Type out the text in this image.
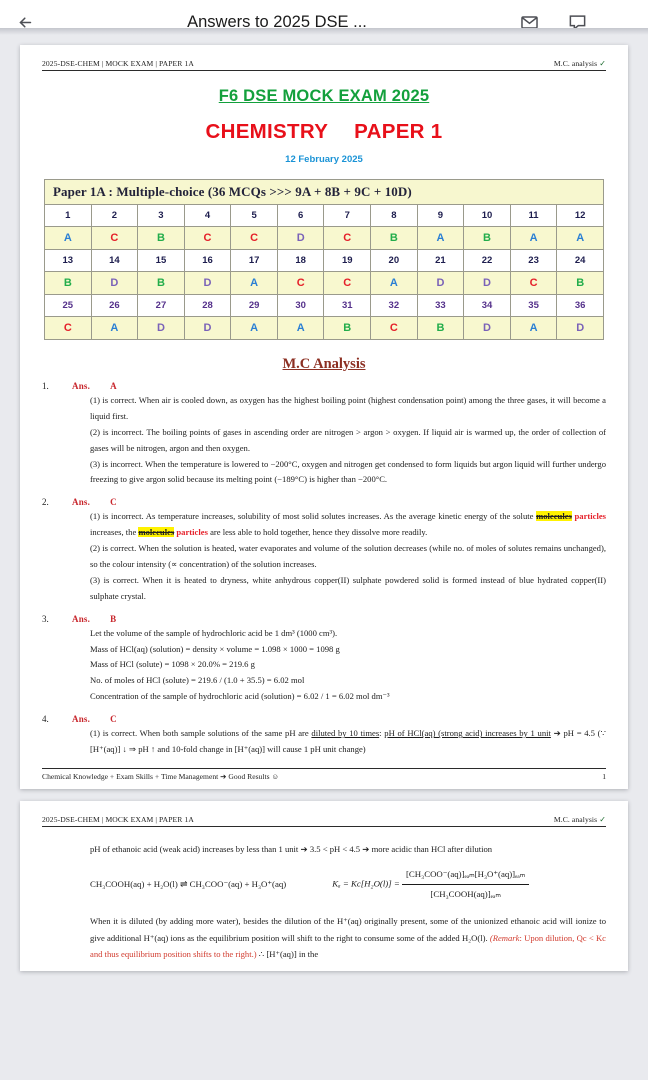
Answers to 2025 DSE ...
2025-DSE-CHEM | MOCK EXAM | PAPER 1A	M.C. analysis ✓
F6 DSE MOCK EXAM 2025
CHEMISTRY PAPER 1
12 February 2025
Paper 1A : Multiple-choice (36 MCQs >>> 9A + 8B + 9C + 10D)											
1	2	3	4	5	6	7	8	9	10	11	12
A	C	B	C	C	D	C	B	A	B	A	A
13	14	15	16	17	18	19	20	21	22	23	24
B	D	B	D	A	C	C	A	D	D	C	B
25	26	27	28	29	30	31	32	33	34	35	36
C	A	D	D	A	A	B	C	B	D	A	D
M.C Analysis
1.	Ans. A

(1) is correct. When air is cooled down, as oxygen has the highest boiling point (highest condensation point) among the three gases, it will become a liquid first.

(2) is incorrect. The boiling points of gases in ascending order are nitrogen > argon > oxygen. If liquid air is warmed up, the order of collection of gases will be nitrogen, argon and then oxygen.

(3) is incorrect. When the temperature is lowered to −200°C, oxygen and nitrogen get condensed to form liquids but argon liquid will further undergo freezing to give argon solid because its melting point (−189°C) is higher than −200°C.

2.	Ans. C

(1) is incorrect. As temperature increases, solubility of most solid solutes increases. As the average kinetic energy of the solute molecules particles increases, the molecules particles are less able to hold together, hence they dissolve more readily.

(2) is correct. When the solution is heated, water evaporates and volume of the solution decreases (while no. of moles of solutes remains unchanged), so the colour intensity (∝ concentration) of the solution increases.

(3) is correct. When it is heated to dryness, white anhydrous copper(II) sulphate powdered solid is formed instead of blue hydrated copper(II) sulphate crystal.

3.	Ans. B

Let the volume of the sample of hydrochloric acid be 1 dm³ (1000 cm³).

Mass of HCl(aq) (solution) = density × volume = 1.098 × 1000 = 1098 g

Mass of HCl (solute) = 1098 × 20.0% = 219.6 g

No. of moles of HCl (solute) = 219.6 / (1.0 + 35.5) = 6.02 mol

Concentration of the sample of hydrochloric acid (solution) = 6.02 / 1 = 6.02 mol dm⁻³

4.	Ans. C

(1) is correct. When both sample solutions of the same pH are diluted by 10 times: pH of HCl(aq) (strong acid) increases by 1 unit ➔ pH = 4.5 (∵ [H⁺(aq)] ↓ ⇒ pH ↑ and 10-fold change in [H⁺(aq)] will cause 1 pH unit change)

Chemical Knowledge + Exam Skills + Time Management ➔ Good Results ☺	1
2025-DSE-CHEM | MOCK EXAM | PAPER 1A	M.C. analysis ✓

pH of ethanoic acid (weak acid) increases by less than 1 unit ➔ 3.5 < pH < 4.5 ➔ more acidic than HCl after dilution

CH₃COOH(aq) + H₂O(l) ⇌ CH₃COO⁻(aq) + H₃O⁺(aq)	$K_a = Kс[H_2O(l)] = \frac{\text{[CH₃COO⁻(aq)]ₑₐₘ[H₃O⁺(aq)]ₑₐₘ}}{\text{[CH₃COOH(aq)]ₑₐₘ}}$

When it is diluted (by adding more water), besides the dilution of the H⁺(aq) originally present, some of the unionized ethanoic acid will ionize to give additional H⁺(aq) ions as the equilibrium position will shift to the right to consume some of the added H₂O(l). (Remark: Upon dilution, Qс < Kс and thus equilibrium position shifts to the right.) ∴ [H⁺(aq)] in the
